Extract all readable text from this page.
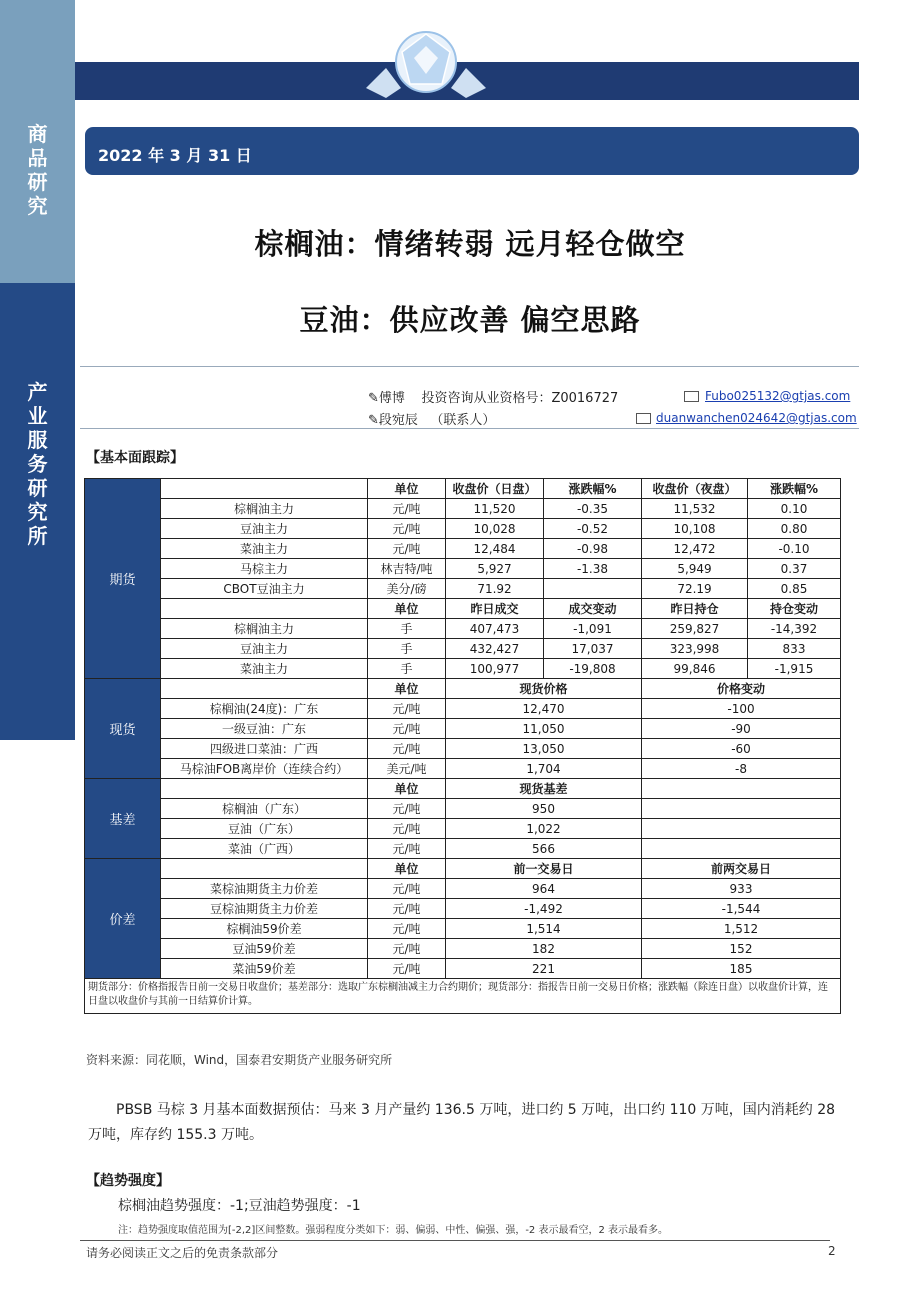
商
品
研
究
产
业
服
务
研
究
所
2022 年 3 月 31 日
棕榈油：情绪转弱 远月轻仓做空
豆油：供应改善 偏空思路
✎傅博 投资咨询从业资格号：Z0016727	Fubo025132@gtjas.com
✎段宛辰 （联系人）	duanwanchen024642@gtjas.com
【基本面跟踪】
期货		单位	收盘价（日盘）	涨跌幅%	收盘价（夜盘）	涨跌幅%
	棕榈油主力	元/吨	11,520	-0.35	11,532	0.10
	豆油主力	元/吨	10,028	-0.52	10,108	0.80
	菜油主力	元/吨	12,484	-0.98	12,472	-0.10
	马棕主力	林吉特/吨	5,927	-1.38	5,949	0.37
	CBOT豆油主力	美分/磅	71.92		72.19	0.85
		单位	昨日成交	成交变动	昨日持仓	持仓变动
	棕榈油主力	手	407,473	-1,091	259,827	-14,392
	豆油主力	手	432,427	17,037	323,998	833
	菜油主力	手	100,977	-19,808	99,846	-1,915
现货		单位	现货价格		价格变动	
	棕榈油(24度)：广东	元/吨	12,470		-100	
	一级豆油：广东	元/吨	11,050		-90	
	四级进口菜油：广西	元/吨	13,050		-60	
	马棕油FOB离岸价（连续合约）	美元/吨	1,704		-8	
基差		单位	现货基差			
	棕榈油（广东）	元/吨	950			
	豆油（广东）	元/吨	1,022			
	菜油（广西）	元/吨	566			
价差		单位	前一交易日		前两交易日	
	菜棕油期货主力价差	元/吨	964		933	
	豆棕油期货主力价差	元/吨	-1,492		-1,544	
	棕榈油59价差	元/吨	1,514		1,512	
	豆油59价差	元/吨	182		152	
	菜油59价差	元/吨	221		185	
期货部分：价格指报告日前一交易日收盘价；基差部分：选取广东棕榈油减主力合约期价；现货部分：指报告日前一交易日价格；涨跌幅（除连日盘）以收盘价计算，连日盘以收盘价与其前一日结算价计算。						
资料来源：同花顺，Wind，国泰君安期货产业服务研究所
PBSB 马棕 3 月基本面数据预估：马来 3 月产量约 136.5 万吨，进口约 5 万吨，出口约 110 万吨，国内消耗约 28 万吨，库存约 155.3 万吨。
【趋势强度】
棕榈油趋势强度：-1;豆油趋势强度：-1
注：趋势强度取值范围为[-2,2]区间整数。强弱程度分类如下：弱、偏弱、中性、偏强、强，-2 表示最看空，2 表示最看多。
请务必阅读正文之后的免责条款部分	2
